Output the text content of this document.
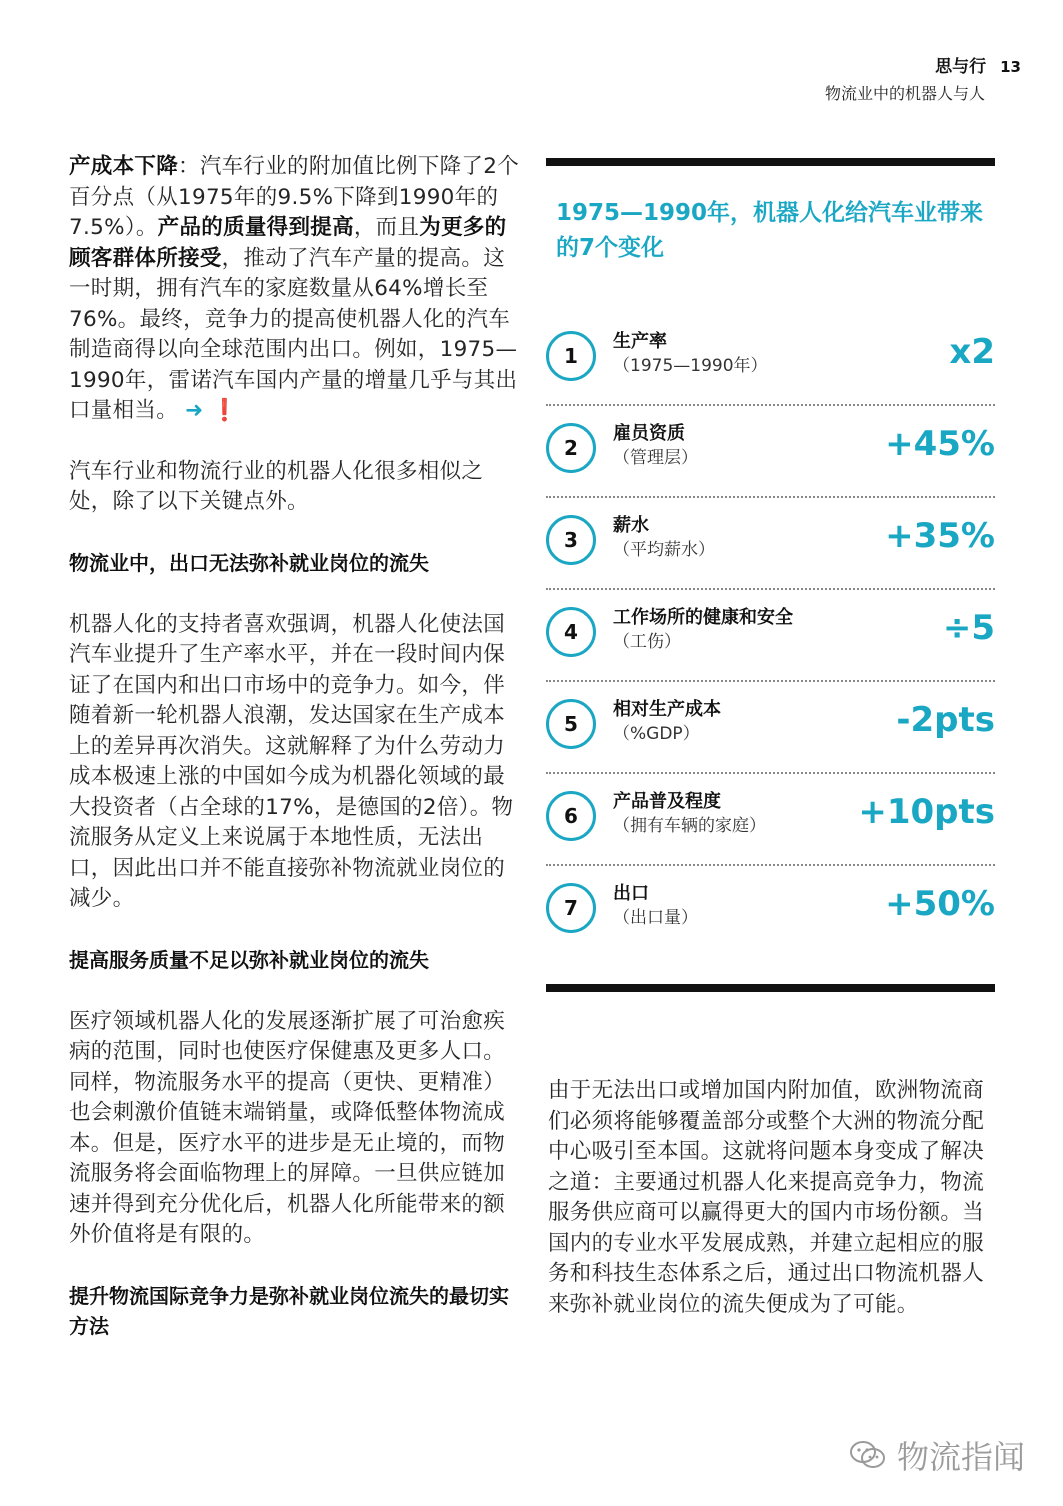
思与行 13
物流业中的机器人与人

产成本下降：汽车行业的附加值比例下降了2个百分点（从1975年的9.5%下降到1990年的7.5%）。产品的质量得到提高，而且为更多的顾客群体所接受，推动了汽车产量的提高。这一时期，拥有汽车的家庭数量从64%增长至76%。最终，竞争力的提高使机器人化的汽车制造商得以向全球范围内出口。例如，1975—1990年，雷诺汽车国内产量的增量几乎与其出口量相当。 ➜ ❗

汽车行业和物流行业的机器人化很多相似之处，除了以下关键点外。

物流业中，出口无法弥补就业岗位的流失

机器人化的支持者喜欢强调，机器人化使法国汽车业提升了生产率水平，并在一段时间内保证了在国内和出口市场中的竞争力。如今，伴随着新一轮机器人浪潮，发达国家在生产成本上的差异再次消失。这就解释了为什么劳动力成本极速上涨的中国如今成为机器化领域的最大投资者（占全球的17%，是德国的2倍）。物流服务从定义上来说属于本地性质，无法出口，因此出口并不能直接弥补物流就业岗位的减少。

提高服务质量不足以弥补就业岗位的流失

医疗领域机器人化的发展逐渐扩展了可治愈疾病的范围，同时也使医疗保健惠及更多人口。同样，物流服务水平的提高（更快、更精准）也会刺激价值链末端销量，或降低整体物流成本。但是，医疗水平的进步是无止境的，而物流服务将会面临物理上的屏障。一旦供应链加速并得到充分优化后，机器人化所能带来的额外价值将是有限的。

提升物流国际竞争力是弥补就业岗位流失的最切实方法

1975—1990年，机器人化给汽车业带来的7个变化
1
生产率
（1975—1990年）	x2
2
雇员资质
（管理层）	+45%
3
薪水
（平均薪水）	+35%
4
工作场所的健康和安全
（工伤）	÷5
5
相对生产成本
（%GDP）	-2pts
6
产品普及程度
（拥有车辆的家庭）	+10pts
7
出口
（出口量）	+50%
由于无法出口或增加国内附加值，欧洲物流商们必须将能够覆盖部分或整个大洲的物流分配中心吸引至本国。这就将问题本身变成了解决之道：主要通过机器人化来提高竞争力，物流服务供应商可以赢得更大的国内市场份额。当国内的专业水平发展成熟，并建立起相应的服务和科技生态体系之后，通过出口物流机器人来弥补就业岗位的流失便成为了可能。
物流指闻
